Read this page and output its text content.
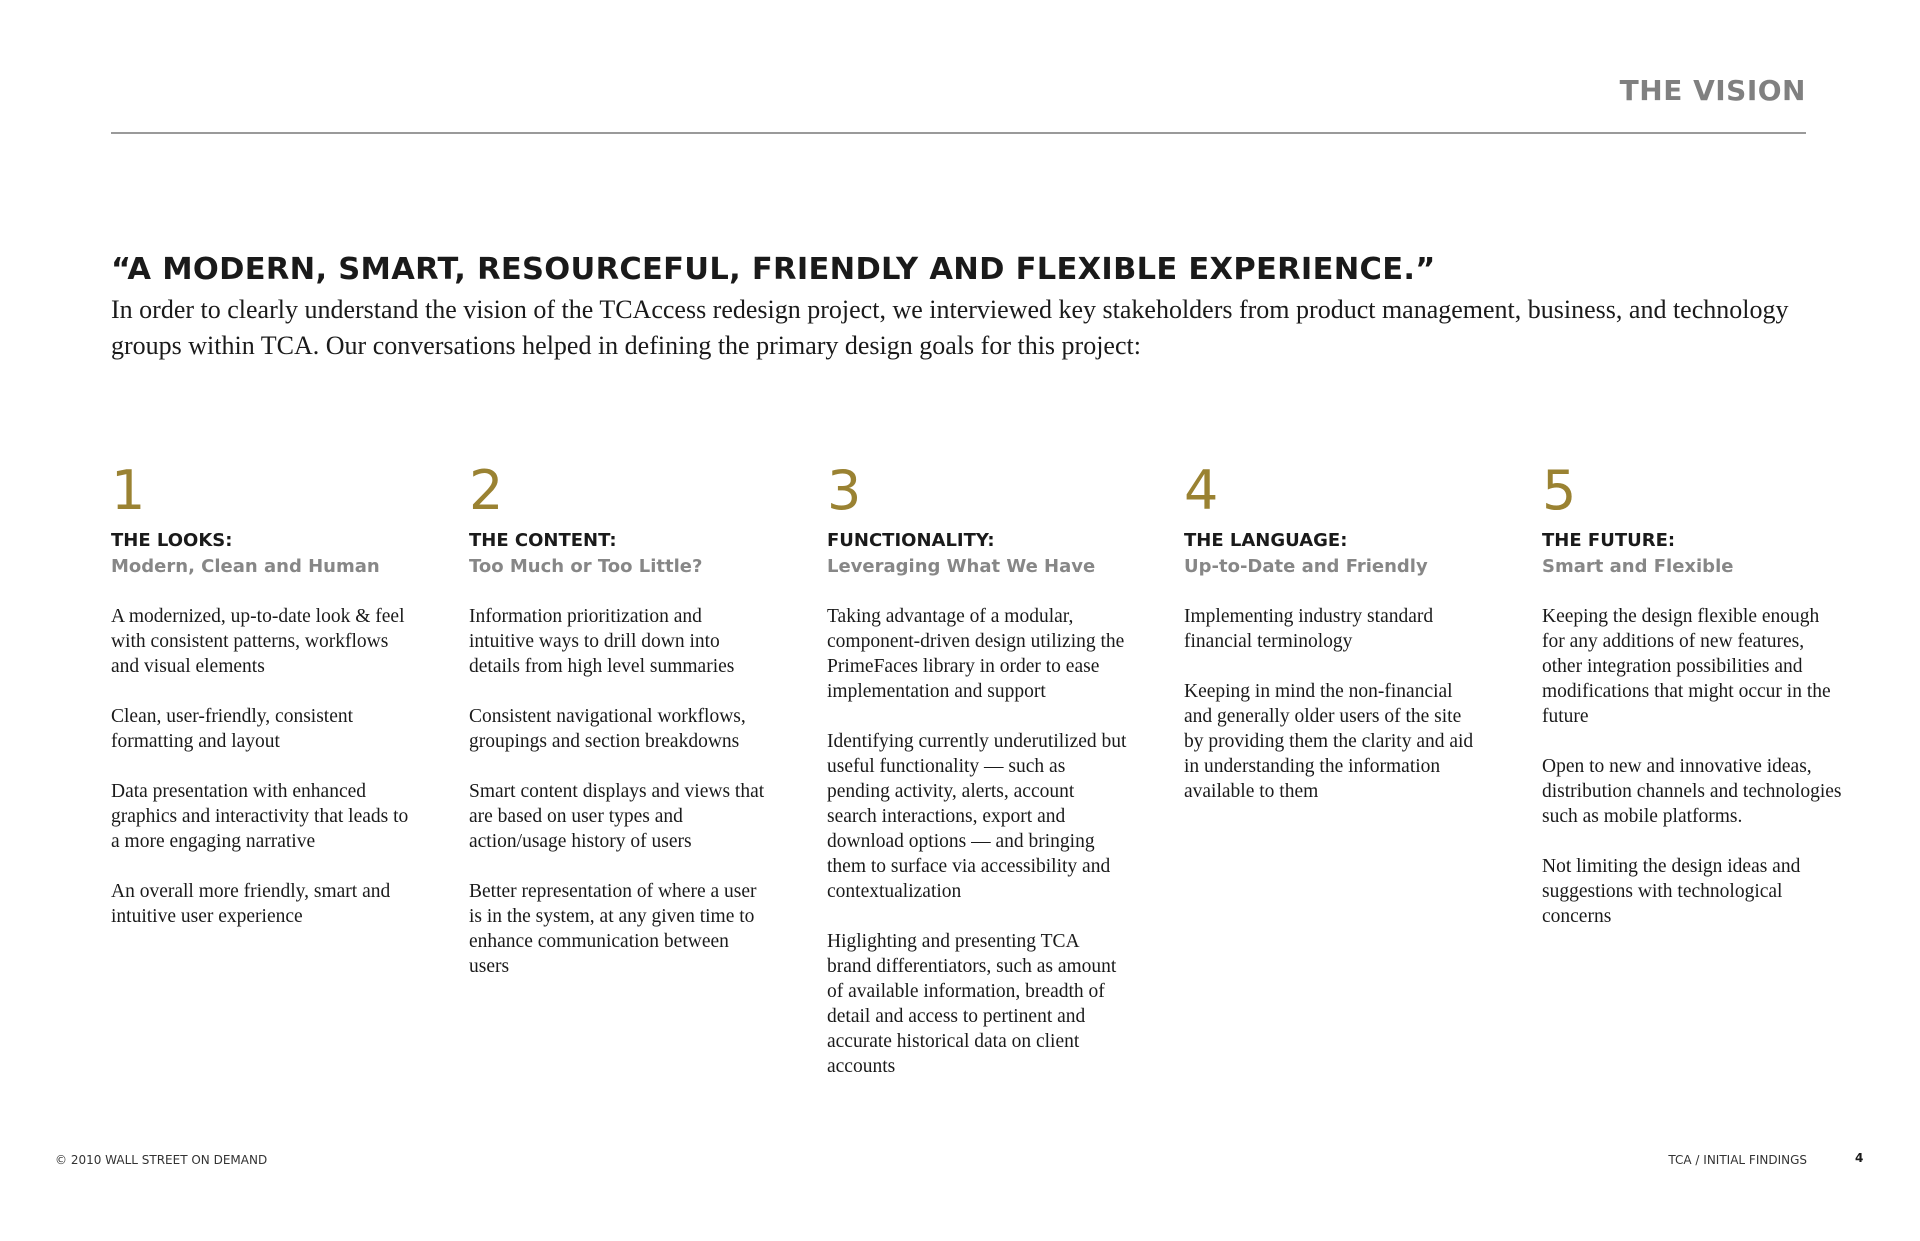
THE VISION
“A MODERN, SMART, RESOURCEFUL, FRIENDLY AND FLEXIBLE EXPERIENCE.”

In order to clearly understand the vision of the TCAccess redesign project, we interviewed key stakeholders from product management, business, and technology groups within TCA. Our conversations helped in defining the primary design goals for this project:

1
THE LOOKS:
Modern, Clean and Human

A modernized, up-to-date look & feel with consistent patterns, workflows and visual elements

Clean, user-friendly, consistent formatting and layout

Data presentation with enhanced graphics and interactivity that leads to a more engaging narrative

An overall more friendly, smart and intuitive user experience

2
THE CONTENT:
Too Much or Too Little?

Information prioritization and intuitive ways to drill down into details from high level summaries

Consistent navigational workflows, groupings and section breakdowns

Smart content displays and views that are based on user types and action/usage history of users

Better representation of where a user is in the system, at any given time to enhance communication between users

3
FUNCTIONALITY:
Leveraging What We Have

Taking advantage of a modular, component-driven design utilizing the PrimeFaces library in order to ease implementation and support

Identifying currently underutilized but useful functionality — such as pending activity, alerts, account search interactions, export and download options — and bringing them to surface via accessibility and contextualization

Higlighting and presenting TCA brand differentiators, such as amount of available information, breadth of detail and access to pertinent and accurate historical data on client accounts

4
THE LANGUAGE:
Up-to-Date and Friendly

Implementing industry standard financial terminology

Keeping in mind the non-financial and generally older users of the site by providing them the clarity and aid in understanding the information available to them

5
THE FUTURE:
Smart and Flexible

Keeping the design flexible enough for any additions of new features, other integration possibilities and modifications that might occur in the future

Open to new and innovative ideas, distribution channels and technologies such as mobile platforms.

Not limiting the design ideas and suggestions with technological concerns

© 2010 WALL STREET ON DEMAND	TCA / INITIAL FINDINGS	4
